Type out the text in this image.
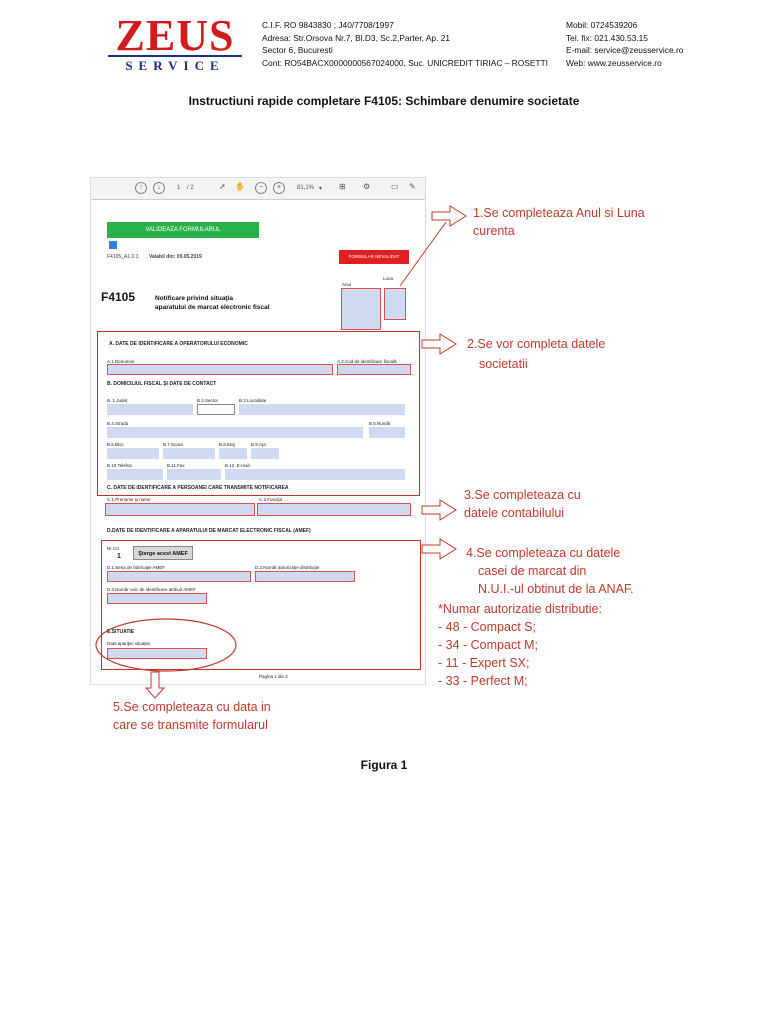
ZEUS
SERVICE
C.I.F. RO 9843830 ; J40/7708/1997
Adresa: Str.Orsova Nr.7, Bl.D3, Sc.2,Parter, Ap. 21
Sector 6, Bucuresti
Cont: RO54BACX0000000567024000, Suc. UNICREDIT TIRIAC – ROSETTI
Mobil: 0724539206
Tel. fix: 021.430.53.15
E-mail: service@zeusservice.ro
Web: www.zeusservice.ro
Instructiuni rapide completare F4105: Schimbare denumire societate
↑	↓	1 / 2	➚ ✋	−	+	81,1% ▾ ⊞ ⚙	▭ ✎
VALIDEAZA FORMULARUL
F4105_A1.0.3 Valabil din: 09.05.2019	FORMULAR NEVALIDAT
F4105	Notificare privind situaţia
aparatului de marcat electronic fiscal
Anul
Luna
A. DATE DE IDENTIFICARE A OPERATORULUI ECONOMIC
A.1.Denumire	A.2.Cod de identificare fiscală
B. DOMICILIUL FISCAL ŞI DATE DE CONTACT
B. 1.Judeţ	B.2.Sector	B.3.Localitate
B.4.Strada	B.5.Număr
B.6.Bloc	B.7.Scara	B.8.Etaj	B.9.Apt.
B.10.Telefon	B.11.Fax	B.12. E-mail
C. DATE DE IDENTIFICARE A PERSOANEI CARE TRANSMITE NOTIFICAREA
C.1.Prenume şi nume	C.2.Funcţia
D.DATE DE IDENTIFICARE A APARATULUI DE MARCAT ELECTRONIC FISCAL (AMEF)
Nr.Crt.
1	Şterge acest AMEF
D.1.Seria de fabricaţie AMEF	D.2.Număr autorizaţie distribuţie
D.3.Număr unic de identificare atribuit AMEF
E.SITUATIE
Data apariţiei situaţiei
Pagina 1 din 2
1.Se completeaza Anul si Luna
curenta
2.Se vor completa datele
societatii
3.Se completeaza cu
datele contabilului
4.Se completeaza cu datele
casei de marcat din
N.U.I.-ul obtinut de la ANAF.
*Numar autorizatie distributie:
- 48 - Compact S;
- 34 - Compact M;
- 11 - Expert SX;
- 33 - Perfect M;
5.Se completeaza cu data in
care se transmite formularul
Figura 1
